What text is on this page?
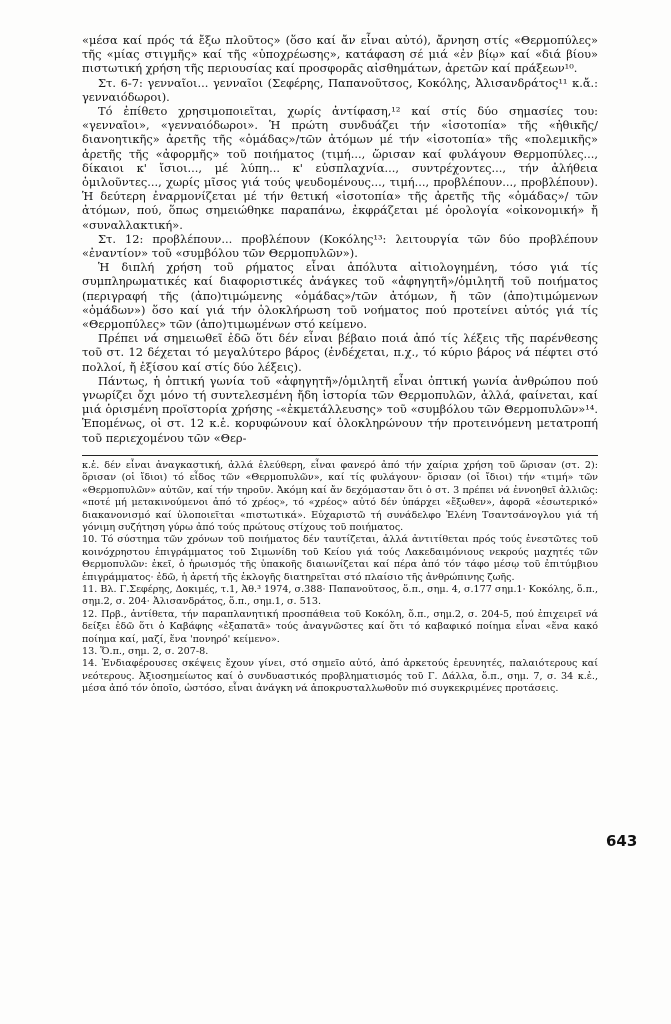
«μέσα καί πρός τά ἔξω πλοῦτος» (ὅσο καί ἄν εἶναι αὐτό), ἄρνηση στίς «Θερμοπύλες» τῆς «μίας στιγμῆς» καί τῆς «ὑποχρέωσης», κατάφαση σέ μιά «ἐν βίῳ» καί «διά βίου» πιστωτική χρήση τῆς περιουσίας καί προσφορᾶς αἰσθημάτων, ἀρετῶν καί πράξεων¹⁰.

Στ. 6-7: γενναῖοι... γενναῖοι (Σεφέρης, Παπανοῦτσος, Κοκόλης, Ἀλισανδράτος¹¹ κ.ἄ.: γενναιόδωροι).

Τό ἐπίθετο χρησιμοποιεῖται, χωρίς ἀντίφαση,¹² καί στίς δύο σημασίες του: «γενναῖοι», «γενναιόδωροι». Ἡ πρώτη συνδυάζει τήν «ἰσοτοπία» τῆς «ἠθικῆς/διανοητικῆς» ἀρετῆς τῆς «ὁμάδας»/τῶν ἀτόμων μέ τήν «ἰσοτοπία» τῆς «πολεμικῆς» ἀρετῆς τῆς «ἀφορμῆς» τοῦ ποιήματος (τιμή..., ὥρισαν καί φυλάγουν Θερμοπύλες..., δίκαιοι κ' ἴσιοι..., μέ λύπη... κ' εὐσπλαχνία..., συντρέχοντες..., τήν ἀλήθεια ὁμιλοῦντες..., χωρίς μῖσος γιά τούς ψευδομένους..., τιμή..., προβλέπουν..., προβλέπουν). Ἡ δεύτερη ἐναρμονίζεται μέ τήν θετική «ἰσοτοπία» τῆς ἀρετῆς τῆς «ὁμάδας»/ τῶν ἀτόμων, πού, ὅπως σημειώθηκε παραπάνω, ἐκφράζεται μέ ὁρολογία «οἰκονομική» ἤ «συναλλακτική».

Στ. 12: προβλέπουν... προβλέπουν (Κοκόλης¹³: λειτουργία τῶν δύο προβλέπουν «ἐναντίον» τοῦ «συμβόλου τῶν Θερμοπυλῶν»).

Ἡ διπλή χρήση τοῦ ρήματος εἶναι ἀπόλυτα αἰτιολογημένη, τόσο γιά τίς συμπληρωματικές καί διαφοριστικές ἀνάγκες τοῦ «ἀφηγητῆ»/ὁμιλητῆ τοῦ ποιήματος (περιγραφή τῆς (ἀπο)τιμώμενης «ὁμάδας»/τῶν ἀτόμων, ἤ τῶν (ἀπο)τιμώμενων «ὁμάδων») ὅσο καί γιά τήν ὁλοκλήρωση τοῦ νοήματος πού προτείνει αὐτός γιά τίς «Θερμοπύλες» τῶν (ἀπο)τιμωμένων στό κείμενο.

Πρέπει νά σημειωθεῖ ἐδῶ ὅτι δέν εἶναι βέβαιο ποιά ἀπό τίς λέξεις τῆς παρένθεσης τοῦ στ. 12 δέχεται τό μεγαλύτερο βάρος (ἐνδέχεται, π.χ., τό κύριο βάρος νά πέφτει στό πολλοί, ἤ ἐξίσου καί στίς δύο λέξεις).

Πάντως, ἡ ὀπτική γωνία τοῦ «ἀφηγητῆ»/ὁμιλητῆ εἶναι ὀπτική γωνία ἀνθρώπου πού γνωρίζει ὄχι μόνο τή συντελεσμένη ἤδη ἱστορία τῶν Θερμοπυλῶν, ἀλλά, φαίνεται, καί μιά ὁρισμένη προϊστορία χρήσης -«ἐκμετάλλευσης» τοῦ «συμβόλου τῶν Θερμοπυλῶν»¹⁴. Ἑπομένως, οἱ στ. 12 κ.ἑ. κορυφώνουν καί ὁλοκληρώνουν τήν προτεινόμενη μετατροπή τοῦ περιεχομένου τῶν «Θερ-

κ.ἑ. δέν εἶναι ἀναγκαστική, ἀλλά ἐλεύθερη, εἶναι φανερό ἀπό τήν χαίρια χρήση τοῦ ὥρισαν (στ. 2): ὅρισαν (οἱ ἴδιοι) τό εἶδος τῶν «Θερμοπυλῶν», καί τίς φυλάγουν· ὅρισαν (οἱ ἴδιοι) τήν «τιμή» τῶν «Θερμοπυλῶν» αὐτῶν, καί τήν τηροῦν. Ἀκόμη καί ἄν δεχόμασταν ὅτι ὁ στ. 3 πρέπει νά ἐννοηθεῖ ἀλλιῶς: «ποτέ μή μετακινούμενοι ἀπό τό χρέος», τό «χρέος» αὐτό δέν ὑπάρχει «ἔξωθεν», ἀφορᾶ «ἐσωτερικό» διακανονισμό καί ὑλοποιεῖται «πιστωτικά». Εὐχαριστῶ τή συνάδελφο Ἑλένη Τσαντσάνογλου γιά τή γόνιμη συζήτηση γύρω ἀπό τούς πρώτους στίχους τοῦ ποιήματος.

10. Τό σύστημα τῶν χρόνων τοῦ ποιήματος δέν ταυτίζεται, ἀλλά ἀντιτίθεται πρός τούς ἐνεστῶτες τοῦ κοινόχρηστου ἐπιγράμματος τοῦ Σιμωνίδη τοῦ Κείου γιά τούς Λακεδαιμόνιους νεκρούς μαχητές τῶν Θερμοπυλῶν: ἐκεῖ, ὁ ἡρωισμός τῆς ὑπακοῆς διαιωνίζεται καί πέρα ἀπό τόν τάφο μέσῳ τοῦ ἐπιτύμβιου ἐπιγράμματος· ἐδῶ, ἡ ἀρετή τῆς ἐκλογῆς διατηρεῖται στό πλαίσιο τῆς ἀνθρώπινης ζωῆς.

11. Βλ. Γ.Σεφέρης, Δοκιμές, τ.1, Ἀθ.³ 1974, σ.388· Παπανοῦτσος, ὅ.π., σημ. 4, σ.177 σημ.1· Κοκόλης, ὅ.π., σημ.2, σ. 204· Ἀλισανδράτος, ὅ.π., σημ.1, σ. 513.

12. Πρβ., ἀντίθετα, τήν παραπλανητική προσπάθεια τοῦ Κοκόλη, ὅ.π., σημ.2, σ. 204-5, πού ἐπιχειρεῖ νά δείξει ἐδῶ ὅτι ὁ Καβάφης «ἐξαπατᾶ» τούς ἀναγνῶστες καί ὅτι τό καβαφικό ποίημα εἶναι «ἕνα κακό ποίημα καί, μαζί, ἕνα 'πονηρό' κείμενο».

13. Ὅ.π., σημ. 2, σ. 207-8.

14. Ἐνδιαφέρουσες σκέψεις ἔχουν γίνει, στό σημεῖο αὐτό, ἀπό ἀρκετούς ἐρευνητές, παλαιότερους καί νεότερους. Ἀξιοσημείωτος καί ὁ συνδυαστικός προβληματισμός τοῦ Γ. Δάλλα, ὅ.π., σημ. 7, σ. 34 κ.ἑ., μέσα ἀπό τόν ὁποῖο, ὡστόσο, εἶναι ἀνάγκη νά ἀποκρυσταλλωθοῦν πιό συγκεκριμένες προτάσεις.

643
